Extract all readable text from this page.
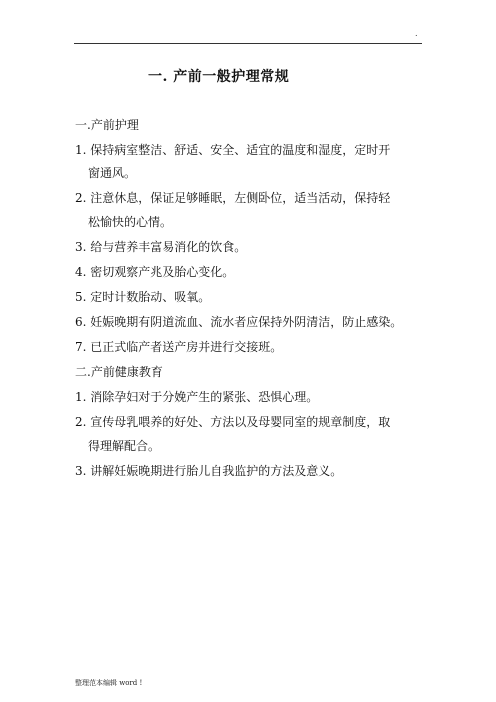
.
一. 产前一般护理常规
一.产前护理
1. 保持病室整洁、舒适、安全、适宜的温度和湿度，定时开
窗通风。
2. 注意休息，保证足够睡眠，左侧卧位，适当活动，保持轻
松愉快的心情。
3. 给与营养丰富易消化的饮食。
4. 密切观察产兆及胎心变化。
5. 定时计数胎动、吸氧。
6. 妊娠晚期有阴道流血、流水者应保持外阴清洁，防止感染。
7. 已正式临产者送产房并进行交接班。
二.产前健康教育
1. 消除孕妇对于分娩产生的紧张、恐惧心理。
2. 宣传母乳喂养的好处、方法以及母婴同室的规章制度，取
得理解配合。
3. 讲解妊娠晚期进行胎儿自我监护的方法及意义。
整理范本编辑 word !
